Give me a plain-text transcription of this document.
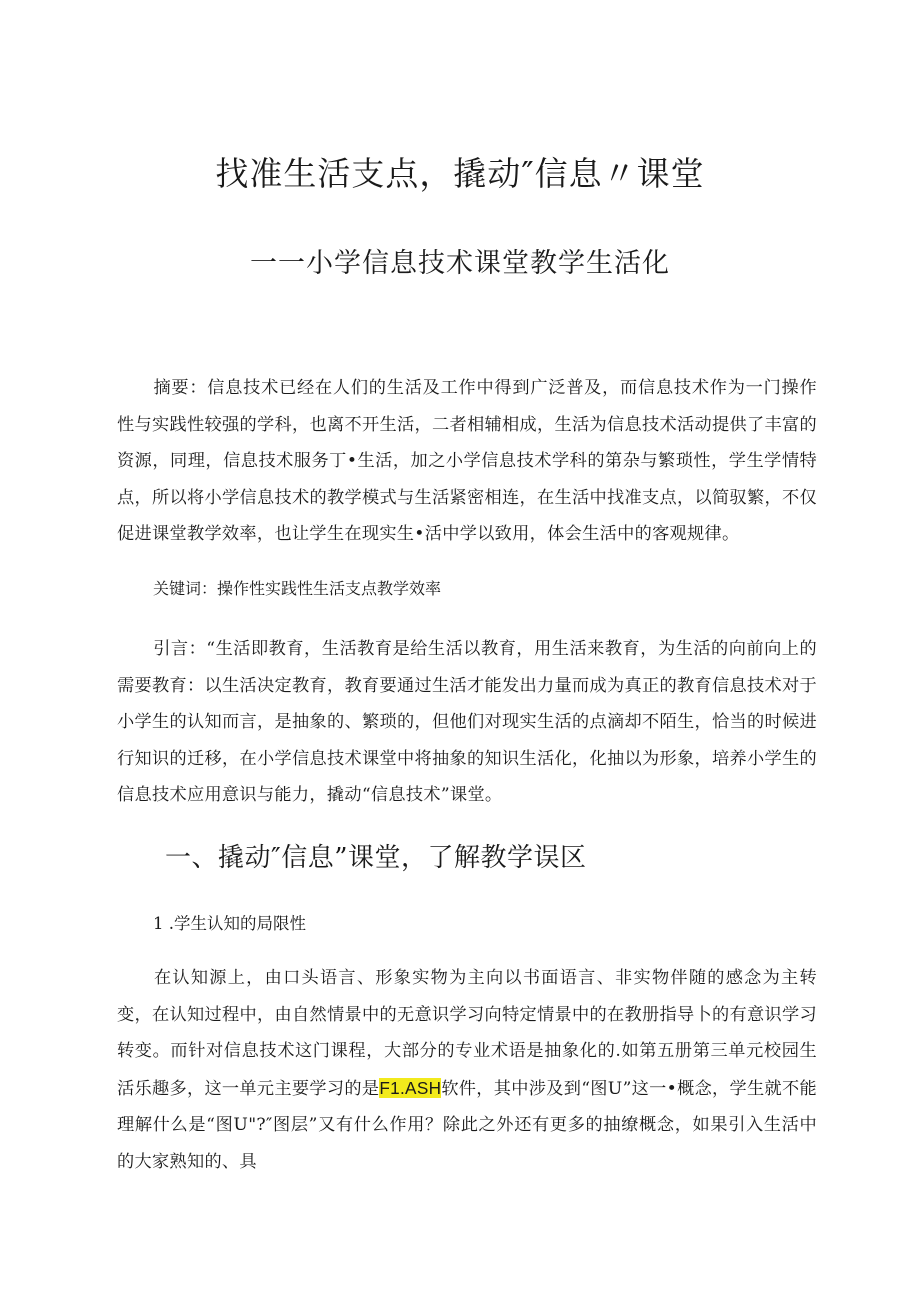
找准生活支点，撬动″信息〃课堂
一一小学信息技术课堂教学生活化

摘要：信息技术已经在人们的生活及工作中得到广泛普及，而信息技术作为一门操作性与实践性较强的学科，也离不开生活，二者相辅相成，生活为信息技术活动提供了丰富的资源，同理，信息技术服务丁•生活，加之小学信息技术学科的第杂与繁琐性，学生学情特点，所以将小学信息技术的教学模式与生活紧密相连，在生活中找准支点，以简驭繁，不仅促进课堂教学效率，也让学生在现实生•活中学以致用，体会生活中的客观规律。

关键词：操作性实践性生活支点教学效率

引言：“生活即教育，生活教育是给生活以教育，用生活来教育，为生活的向前向上的需要教育：以生活决定教育，教育要通过生活才能发出力量而成为真正的教育信息技术对于小学生的认知而言，是抽象的、繁琐的，但他们对现实生活的点滴却不陌生，恰当的时候进行知识的迁移，在小学信息技术课堂中将抽象的知识生活化，化抽以为形象，培养小学生的信息技术应用意识与能力，撬动“信息技术”课堂。

一、撬动″信息”课堂，了解教学误区
1 .学生认知的局限性

在认知源上，由口头语言、形象实物为主向以书面语言、非实物伴随的感念为主转变，在认知过程中，由自然情景中的无意识学习向特定情景中的在教册指导卜的有意识学习转变。而针对信息技术这门课程，大部分的专业术语是抽象化的.如第五册第三单元校园生活乐趣多，这一单元主要学习的是F1.ASH软件，其中涉及到“图U”这一•概念，学生就不能理解什么是“图U"?″图层”又有什么作用？除此之外还有更多的抽缭概念，如果引入生活中的大家熟知的、具
